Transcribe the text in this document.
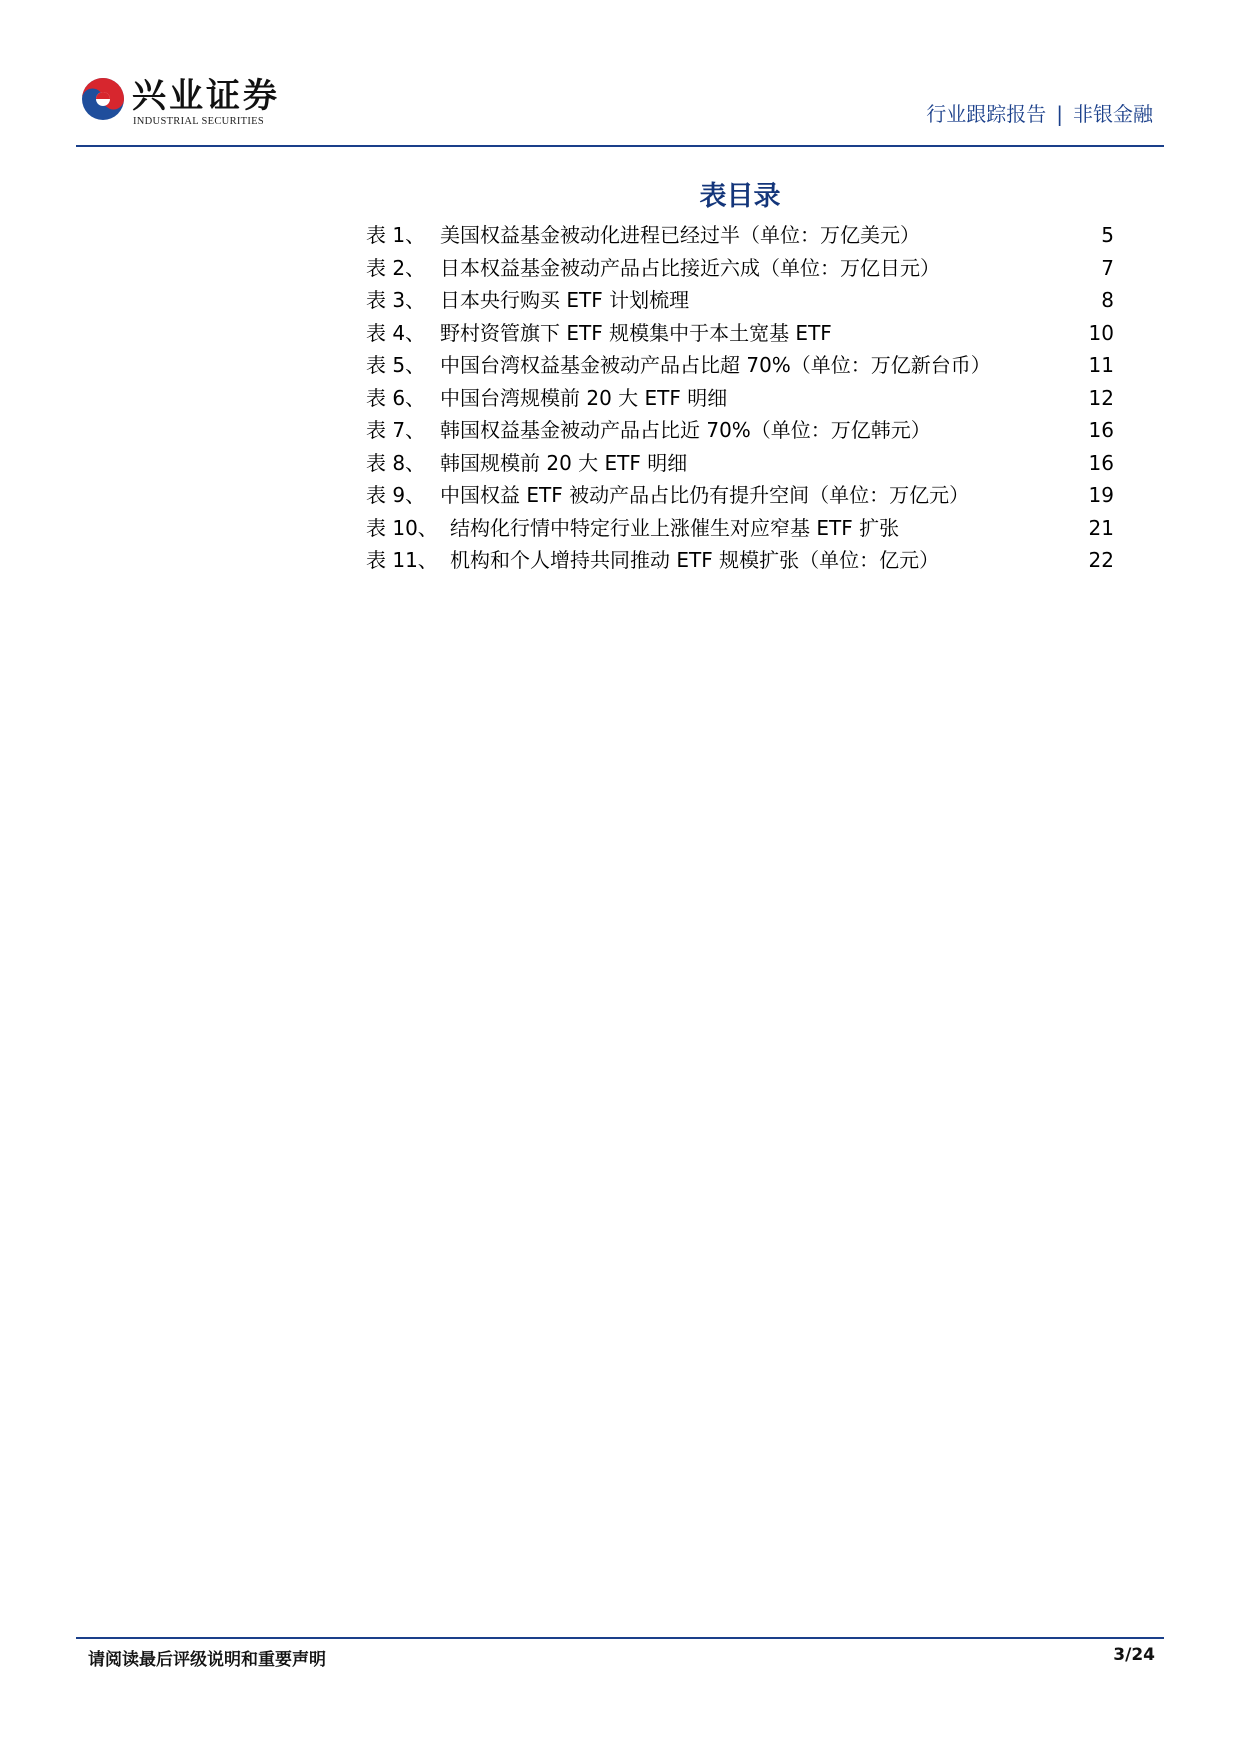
兴业证券
INDUSTRIAL SECURITIES	行业跟踪报告 | 非银金融
表目录
表 1、 美国权益基金被动化进程已经过半（单位：万亿美元）	5
表 2、 日本权益基金被动产品占比接近六成（单位：万亿日元）	7
表 3、 日本央行购买 ETF 计划梳理	8
表 4、 野村资管旗下 ETF 规模集中于本土宽基 ETF	10
表 5、 中国台湾权益基金被动产品占比超 70%（单位：万亿新台币）	11
表 6、 中国台湾规模前 20 大 ETF 明细	12
表 7、 韩国权益基金被动产品占比近 70%（单位：万亿韩元）	16
表 8、 韩国规模前 20 大 ETF 明细	16
表 9、 中国权益 ETF 被动产品占比仍有提升空间（单位：万亿元）	19
表 10、 结构化行情中特定行业上涨催生对应窄基 ETF 扩张	21
表 11、 机构和个人增持共同推动 ETF 规模扩张（单位：亿元）	22
请阅读最后评级说明和重要声明	3/24
